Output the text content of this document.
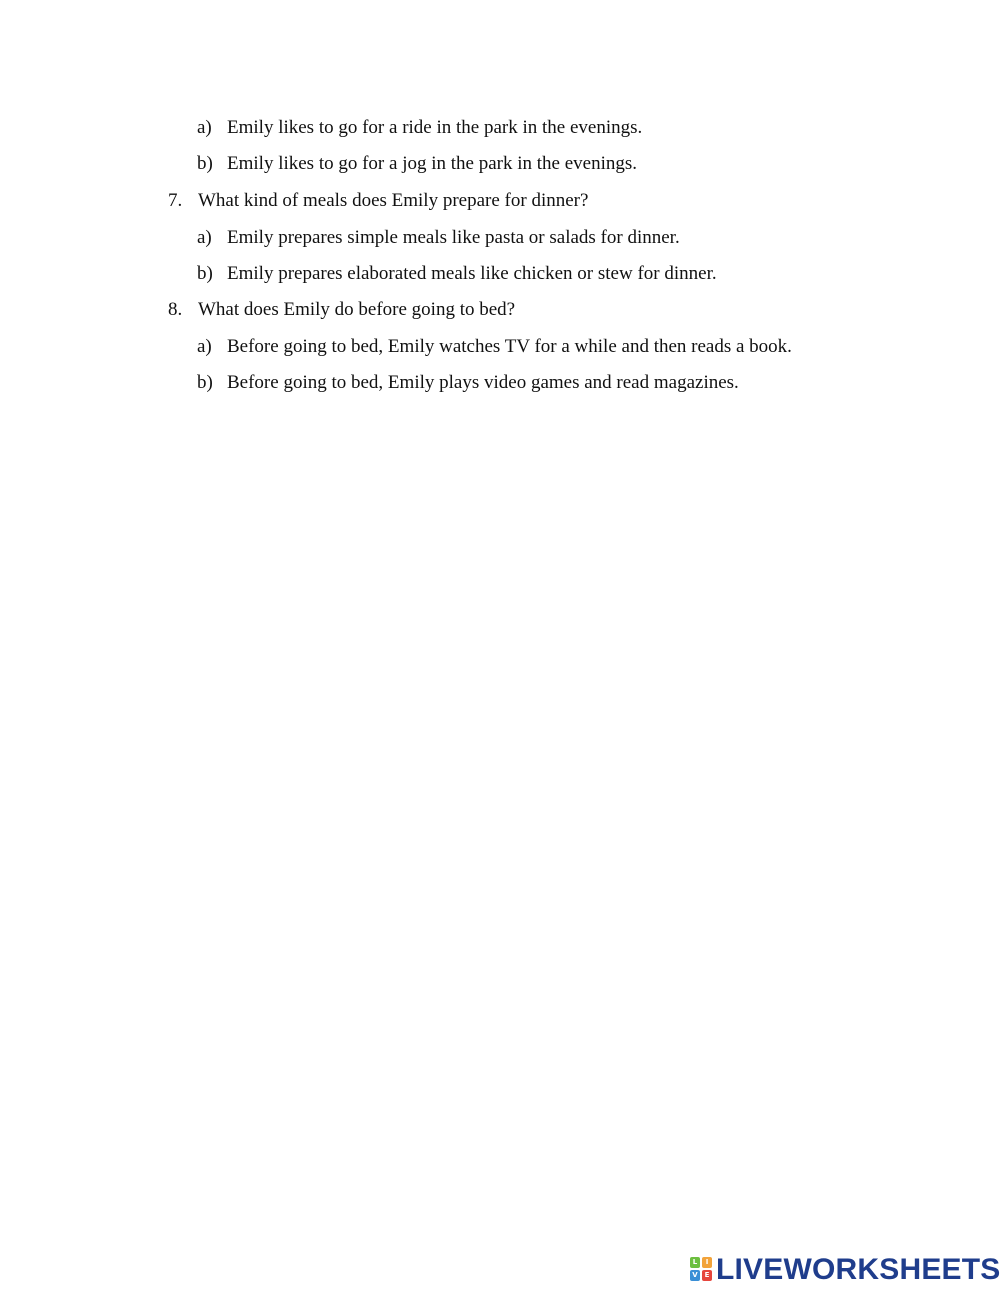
a) Emily likes to go for a ride in the park in the evenings.
b) Emily likes to go for a jog in the park in the evenings.
7. What kind of meals does Emily prepare for dinner?
a) Emily prepares simple meals like pasta or salads for dinner.
b) Emily prepares elaborated meals like chicken or stew for dinner.
8. What does Emily do before going to bed?
a) Before going to bed, Emily watches TV for a while and then reads a book.
b) Before going to bed, Emily plays video games and read magazines.
L	I
V E LIVEWORKSHEETS
